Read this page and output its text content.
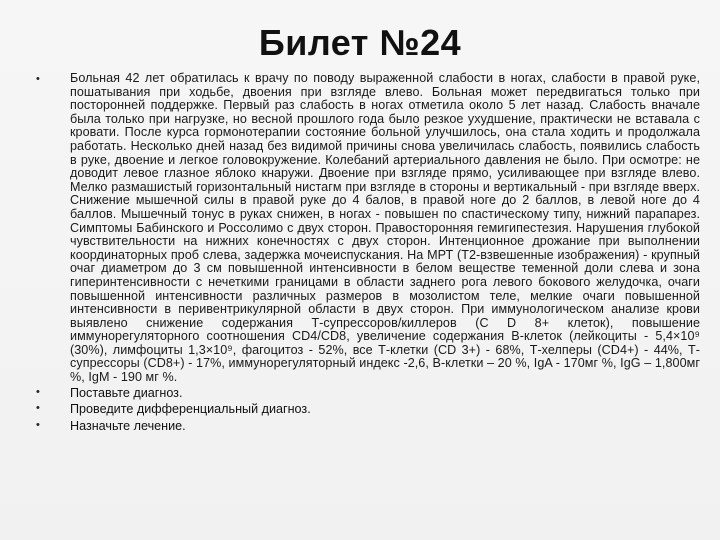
Билет №24
•	Больная 42 лет обратилась к врачу по поводу выраженной слабости в ногах, слабости в правой руке, пошатывания при ходьбе, двоения при взгляде влево. Больная может передвигаться только при посторонней поддержке. Первый раз слабость в ногах отметила около 5 лет назад. Слабость вначале была только при нагрузке, но весной прошлого года было резкое ухудшение, практически не вставала с кровати. После курса гормонотерапии состояние больной улучшилось, она стала ходить и продолжала работать. Несколько дней назад без видимой причины снова увеличилась слабость, появились слабость в руке, двоение и легкое головокружение. Колебаний артериального давления не было. При осмотре: не доводит левое глазное яблоко кнаружи. Двоение при взгляде прямо, усиливающее при взгляде влево. Мелко размашистый горизонтальный нистагм при взгляде в стороны и вертикальный - при взгляде вверх. Снижение мышечной силы в правой руке до 4 балов, в правой ноге до 2 баллов, в левой ноге до 4 баллов. Мышечный тонус в руках снижен, в ногах - повышен по спастическому типу, нижний парапарез. Симптомы Бабинского и Россолимо с двух сторон. Правосторонняя гемигипестезия. Нарушения глубокой чувствительности на нижних конечностях с двух сторон. Интенционное дрожание при выполнении координаторных проб слева, задержка мочеиспускания. На МРТ (Т2-взвешенные изображения) - крупный очаг диаметром до 3 см повышенной интенсивности в белом веществе теменной доли слева и зона гиперинтенсивности с нечеткими границами в области заднего рога левого бокового желудочка, очаги повышенной интенсивности различных размеров в мозолистом теле, мелкие очаги повышенной интенсивности в перивентрикулярной области в двух сторон. При иммунологическом анализе крови выявлено снижение содержания Т-супрессоров/киллеров (С D 8+ клеток), повышение иммунорегуляторного соотношения CD4/CD8, увеличение содержания В-клеток (лейкоциты - 5,4×10⁹ (30%), лимфоциты 1,3×10⁹, фагоцитоз - 52%, все Т-клетки (CD 3+) - 68%, Т-хелперы (CD4+) - 44%, Т-супрессоры (CD8+) - 17%, иммунорегуляторный индекс -2,6, В-клетки – 20 %, IgA - 170мг %, IgG – 1,800мг %, IgM - 190 мг %.
•	Поставьте диагноз.
•	Проведите дифференциальный диагноз.
•	Назначьте лечение.
